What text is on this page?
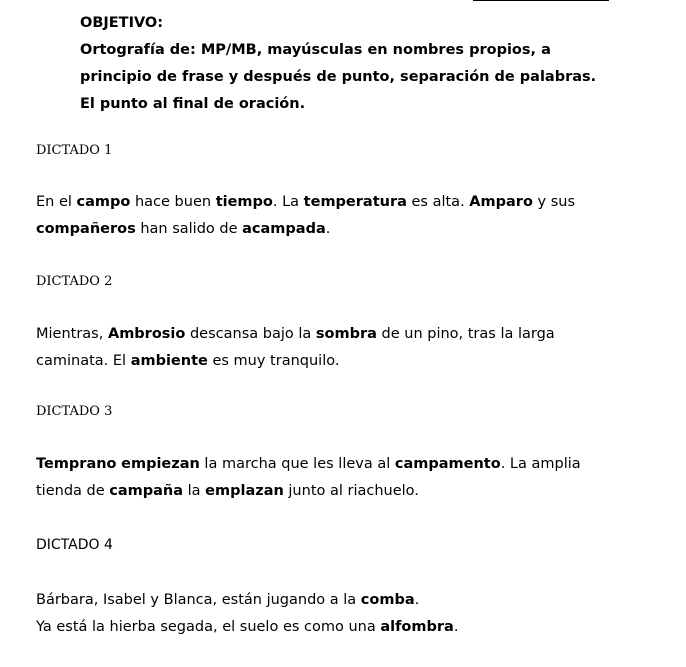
OBJETIVO:
Ortografía de: MP/MB, mayúsculas en nombres propios, a
principio de frase y después de punto, separación de palabras.
El punto al final de oración.
DICTADO 1
En el campo hace buen tiempo. La temperatura es alta. Amparo y sus
compañeros han salido de acampada.
DICTADO 2
Mientras, Ambrosio descansa bajo la sombra de un pino, tras la larga
caminata. El ambiente es muy tranquilo.
DICTADO 3
Temprano empiezan la marcha que les lleva al campamento. La amplia
tienda de campaña la emplazan junto al riachuelo.
DICTADO 4
Bárbara, Isabel y Blanca, están jugando a la comba.
Ya está la hierba segada, el suelo es como una alfombra.
